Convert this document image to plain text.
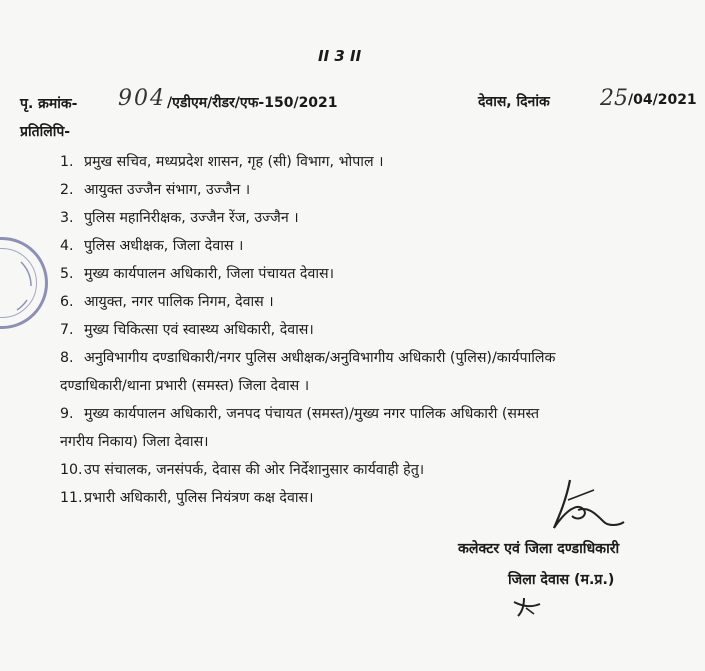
II 3 II
पृ. क्रमांक- 904 /एडीएम/रीडर/एफ-150/2021	देवास, दिनांक 25 /04/2021
प्रतिलिपि-
1. प्रमुख सचिव, मध्यप्रदेश शासन, गृह (सी) विभाग, भोपाल ।
2. आयुक्त उज्जैन संभाग, उज्जैन ।
3. पुलिस महानिरीक्षक, उज्जैन रेंज, उज्जैन ।
4. पुलिस अधीक्षक, जिला देवास ।
5. मुख्य कार्यपालन अधिकारी, जिला पंचायत देवास।
6. आयुक्त, नगर पालिक निगम, देवास ।
7. मुख्य चिकित्सा एवं स्वास्थ्य अधिकारी, देवास।
8. अनुविभागीय दण्डाधिकारी/नगर पुलिस अधीक्षक/अनुविभागीय अधिकारी (पुलिस)/कार्यपालिक
दण्डाधिकारी/थाना प्रभारी (समस्त) जिला देवास ।
9. मुख्य कार्यपालन अधिकारी, जनपद पंचायत (समस्त)/मुख्य नगर पालिक अधिकारी (समस्त
नगरीय निकाय) जिला देवास।
10.उप संचालक, जनसंपर्क, देवास की ओर निर्देशानुसार कार्यवाही हेतु।
11.प्रभारी अधिकारी, पुलिस नियंत्रण कक्ष देवास।
कलेक्टर एवं जिला दण्डाधिकारी
जिला देवास (म.प्र.)
